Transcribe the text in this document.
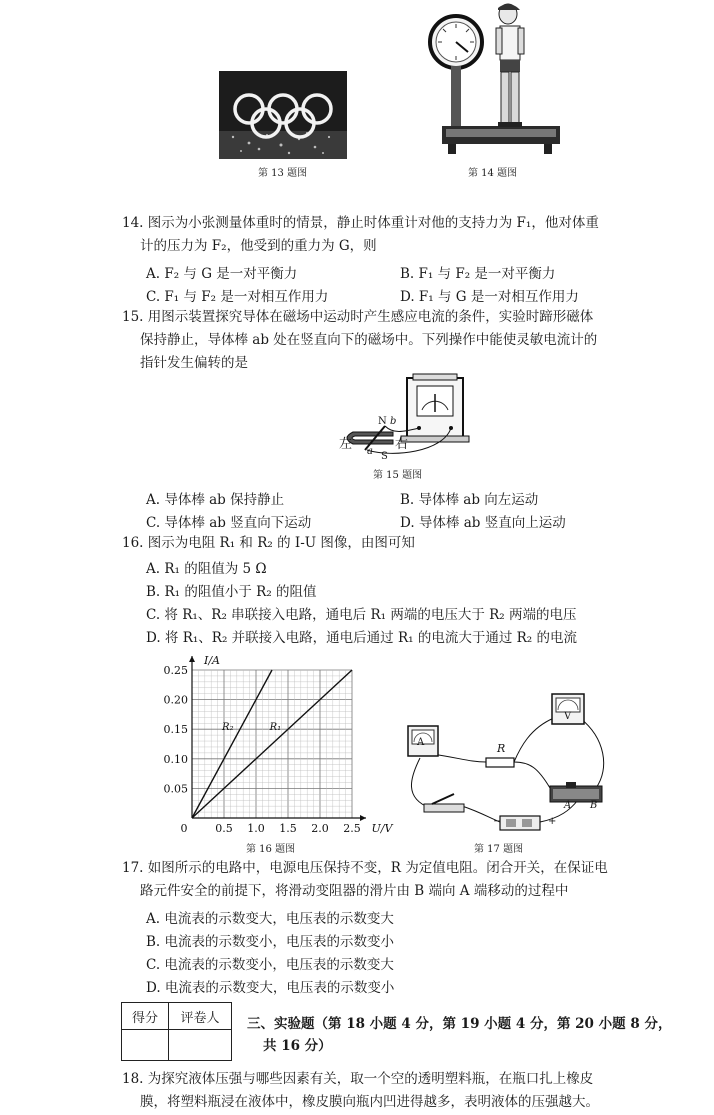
第 13 题图	第 14 题图
14. 图示为小张测量体重时的情景，静止时体重计对他的支持力为 F₁，他对体重
计的压力为 F₂，他受到的重力为 G，则
A. F₂ 与 G 是一对平衡力	B. F₁ 与 F₂ 是一对平衡力
C. F₁ 与 F₂ 是一对相互作用力	D. F₁ 与 G 是一对相互作用力
15. 用图示装置探究导体在磁场中运动时产生感应电流的条件，实验时蹄形磁体
保持静止，导体棒 ab 处在竖直向下的磁场中。下列操作中能使灵敏电流计的
指针发生偏转的是
左	右
N b
a S
第 15 题图
A. 导体棒 ab 保持静止	B. 导体棒 ab 向左运动
C. 导体棒 ab 竖直向下运动	D. 导体棒 ab 竖直向上运动
16. 图示为电阻 R₁ 和 R₂ 的 I-U 图像，由图可知
A. R₁ 的阻值为 5 Ω
B. R₁ 的阻值小于 R₂ 的阻值
C. 将 R₁、R₂ 串联接入电路，通电后 R₁ 两端的电压大于 R₂ 两端的电压
D. 将 R₁、R₂ 并联接入电路，通电后通过 R₁ 的电流大于通过 R₂ 的电流
U/V
I/A
0	0.5 1.0 1.5 2.0 2.5
0.05
0.10
0.15
0.20
0.25
R₂	R₁
第 16 题图
A
V
R
A B
+
−
第 17 题图
17. 如图所示的电路中，电源电压保持不变，R 为定值电阻。闭合开关，在保证电
路元件安全的前提下，将滑动变阻器的滑片由 B 端向 A 端移动的过程中
A. 电流表的示数变大，电压表的示数变大
B. 电流表的示数变小，电压表的示数变小
C. 电流表的示数变小，电压表的示数变大
D. 电流表的示数变大，电压表的示数变小
得分	评卷人
	三、实验题（第 18 小题 4 分，第 19 小题 4 分，第 20 小题 8 分，
共 16 分）
18. 为探究液体压强与哪些因素有关，取一个空的透明塑料瓶，在瓶口扎上橡皮
膜，将塑料瓶浸在液体中，橡皮膜向瓶内凹进得越多，表明液体的压强越大。
